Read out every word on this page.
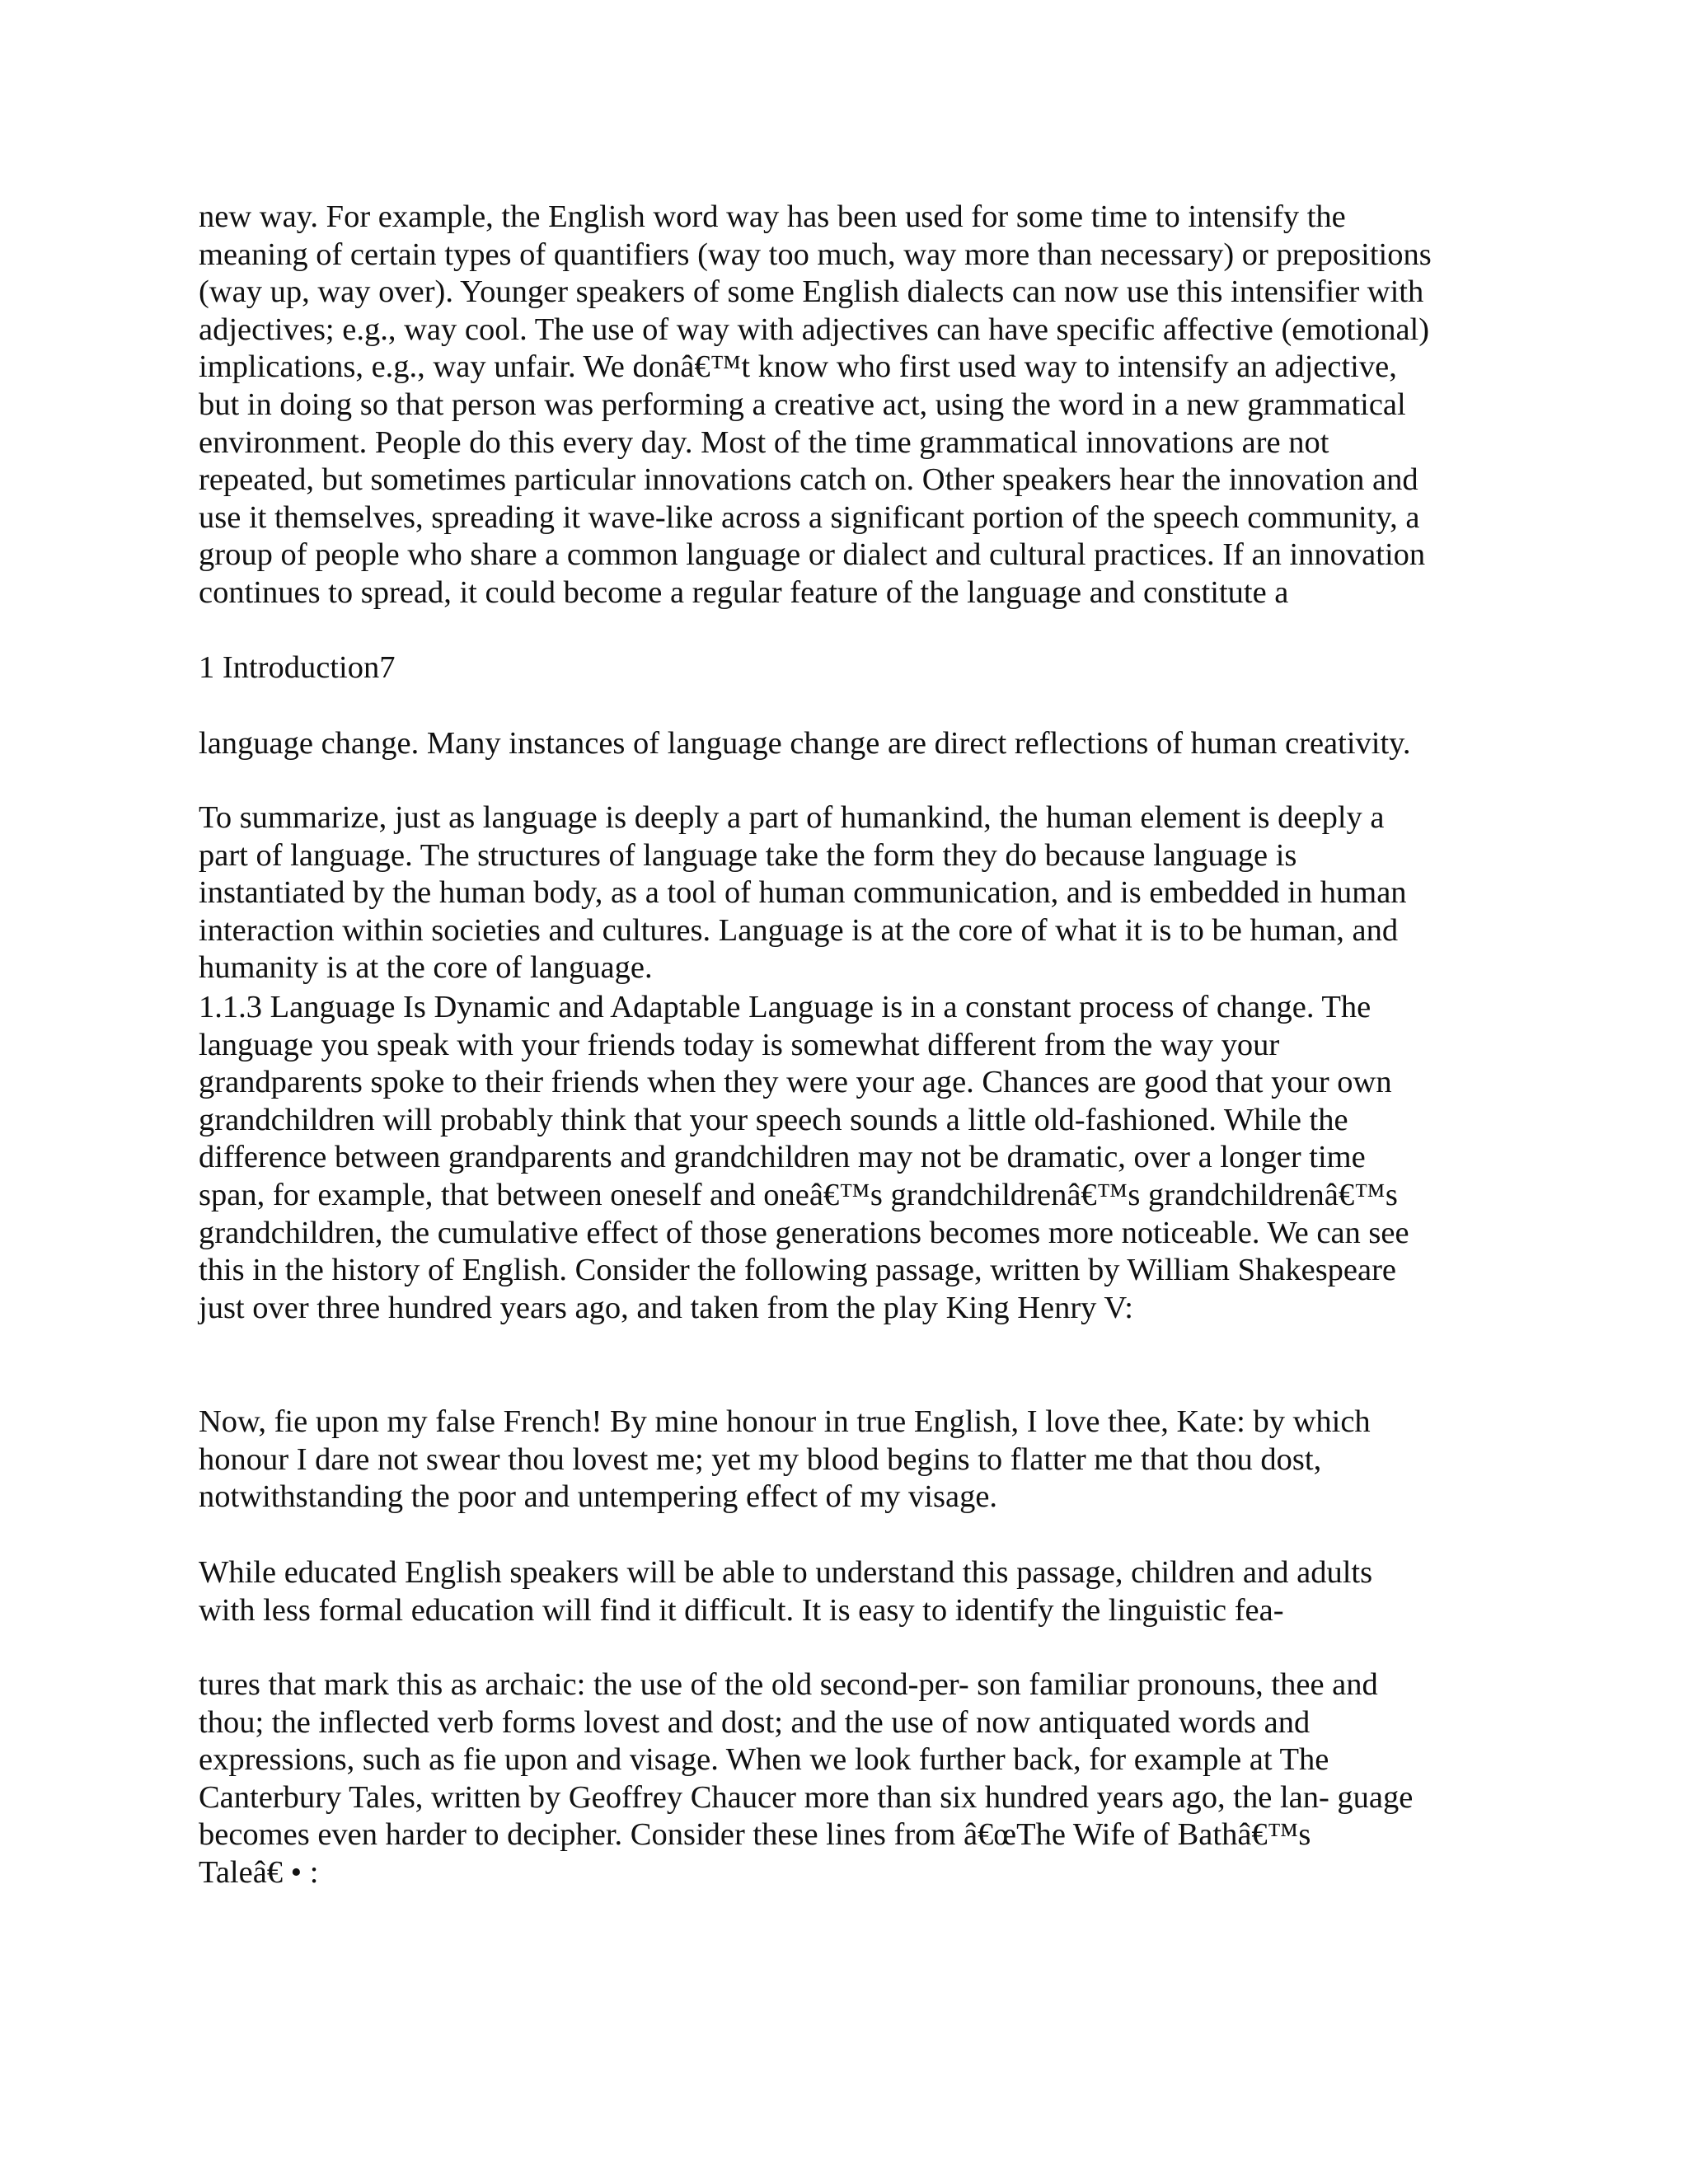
new way. For example, the English word way has been used for some time to intensify the
meaning of certain types of quantifiers (way too much, way more than necessary) or prepositions
(way up, way over). Younger speakers of some English dialects can now use this intensifier with
adjectives; e.g., way cool. The use of way with adjectives can have specific affective (emotional)
implications, e.g., way unfair. We donâ€™t know who first used way to intensify an adjective,
but in doing so that person was performing a creative act, using the word in a new grammatical
environment. People do this every day. Most of the time grammatical innovations are not
repeated, but sometimes particular innovations catch on. Other speakers hear the innovation and
use it themselves, spreading it wave-like across a significant portion of the speech community, a
group of people who share a common language or dialect and cultural practices. If an innovation
continues to spread, it could become a regular feature of the language and constitute a

1 Introduction7

language change. Many instances of language change are direct reflections of human creativity.

To summarize, just as language is deeply a part of humankind, the human element is deeply a
part of language. The structures of language take the form they do because language is
instantiated by the human body, as a tool of human communication, and is embedded in human
interaction within societies and cultures. Language is at the core of what it is to be human, and
humanity is at the core of language.

1.1.3 Language Is Dynamic and Adaptable Language is in a constant process of change. The
language you speak with your friends today is somewhat different from the way your
grandparents spoke to their friends when they were your age. Chances are good that your own
grandchildren will probably think that your speech sounds a little old-fashioned. While the
difference between grandparents and grandchildren may not be dramatic, over a longer time
span, for example, that between oneself and oneâ€™s grandchildrenâ€™s grandchildrenâ€™s
grandchildren, the cumulative effect of those generations becomes more noticeable. We can see
this in the history of English. Consider the following passage, written by William Shakespeare
just over three hundred years ago, and taken from the play King Henry V:

Now, fie upon my false French! By mine honour in true English, I love thee, Kate: by which
honour I dare not swear thou lovest me; yet my blood begins to flatter me that thou dost,
notwithstanding the poor and untempering effect of my visage.

While educated English speakers will be able to understand this passage, children and adults
with less formal education will find it difficult. It is easy to identify the linguistic fea-

tures that mark this as archaic: the use of the old second-per- son familiar pronouns, thee and
thou; the inflected verb forms lovest and dost; and the use of now antiquated words and
expressions, such as fie upon and visage. When we look further back, for example at The
Canterbury Tales, written by Geoffrey Chaucer more than six hundred years ago, the lan- guage
becomes even harder to decipher. Consider these lines from â€œThe Wife of Bathâ€™s
Taleâ€ • :
